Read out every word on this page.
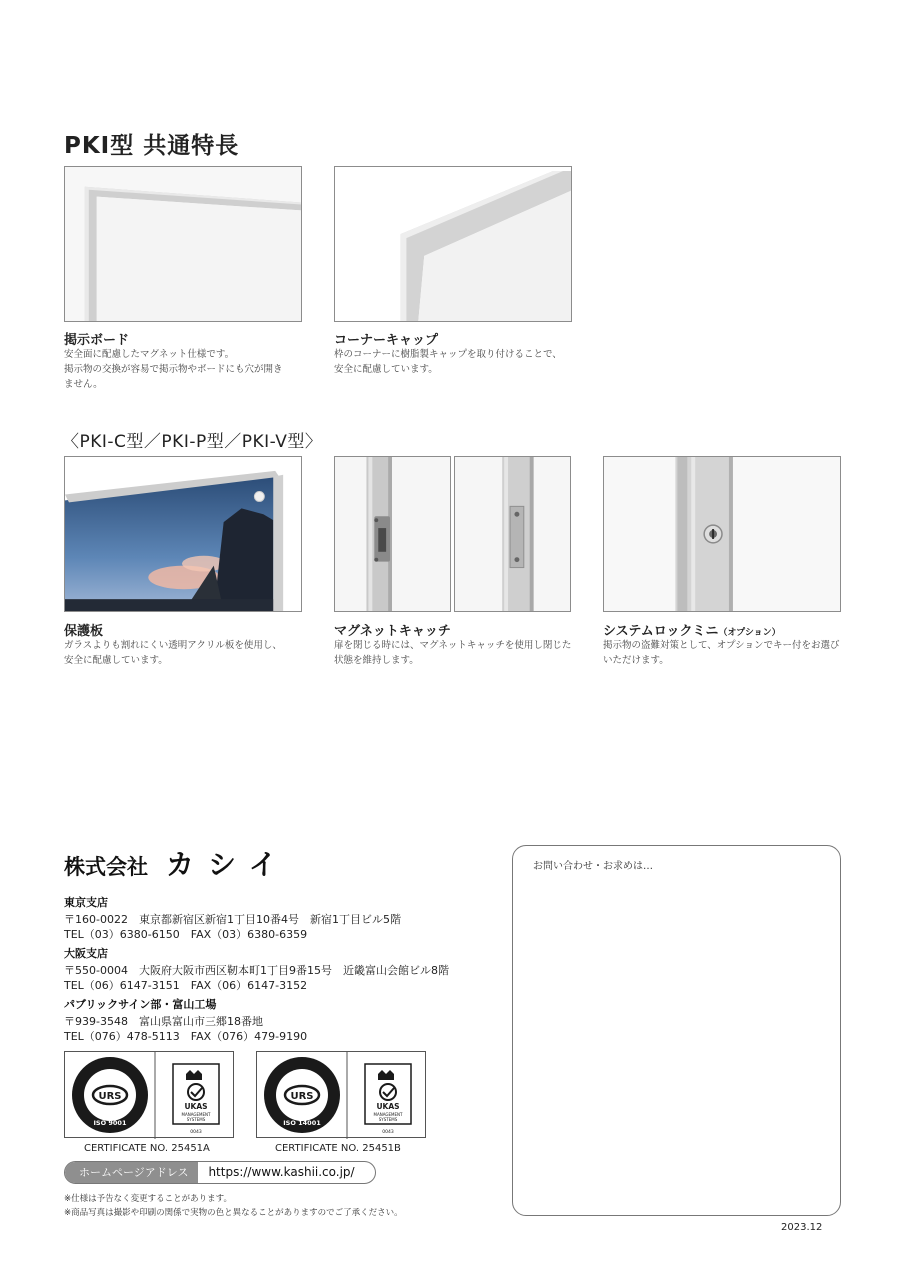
PKI型 共通特長
掲示ボード
安全面に配慮したマグネット仕様です。
掲示物の交換が容易で掲示物やボードにも穴が開き
ません。
コーナーキャップ
枠のコーナーに樹脂製キャップを取り付けることで、
安全に配慮しています。
〈PKI-C型／PKI-P型／PKI-V型〉
保護板
ガラスよりも割れにくい透明アクリル板を使用し、
安全に配慮しています。
マグネットキャッチ
扉を閉じる時には、マグネットキャッチを使用し閉じた
状態を維持します。
システムロックミニ（オプション）
掲示物の盗難対策として、オプションでキー付をお選び
いただけます。
株式会社 カシイ
東京支店
〒160-0022　東京都新宿区新宿1丁目10番4号　新宿1丁目ビル5階
TEL（03）6380-6150　FAX（03）6380-6359
大阪支店
〒550-0004　大阪府大阪市西区靭本町1丁目9番15号　近畿富山会館ビル8階
TEL（06）6147-3151　FAX（06）6147-3152
パブリックサイン部・富山工場
〒939-3548　富山県富山市三郷18番地
TEL（076）478-5113　FAX（076）479-9190
URS
ISO 9001
UKAS
MANAGEMENT
SYSTEMS
0043
CERTIFICATE NO. 25451A
URS
ISO 14001
UKAS
MANAGEMENT
SYSTEMS
0043
CERTIFICATE NO. 25451B
ホームページアドレス	https://www.kashii.co.jp/
※仕様は予告なく変更することがあります。
※商品写真は撮影や印刷の関係で実物の色と異なることがありますのでご了承ください。
お問い合わせ・お求めは…
2023.12
